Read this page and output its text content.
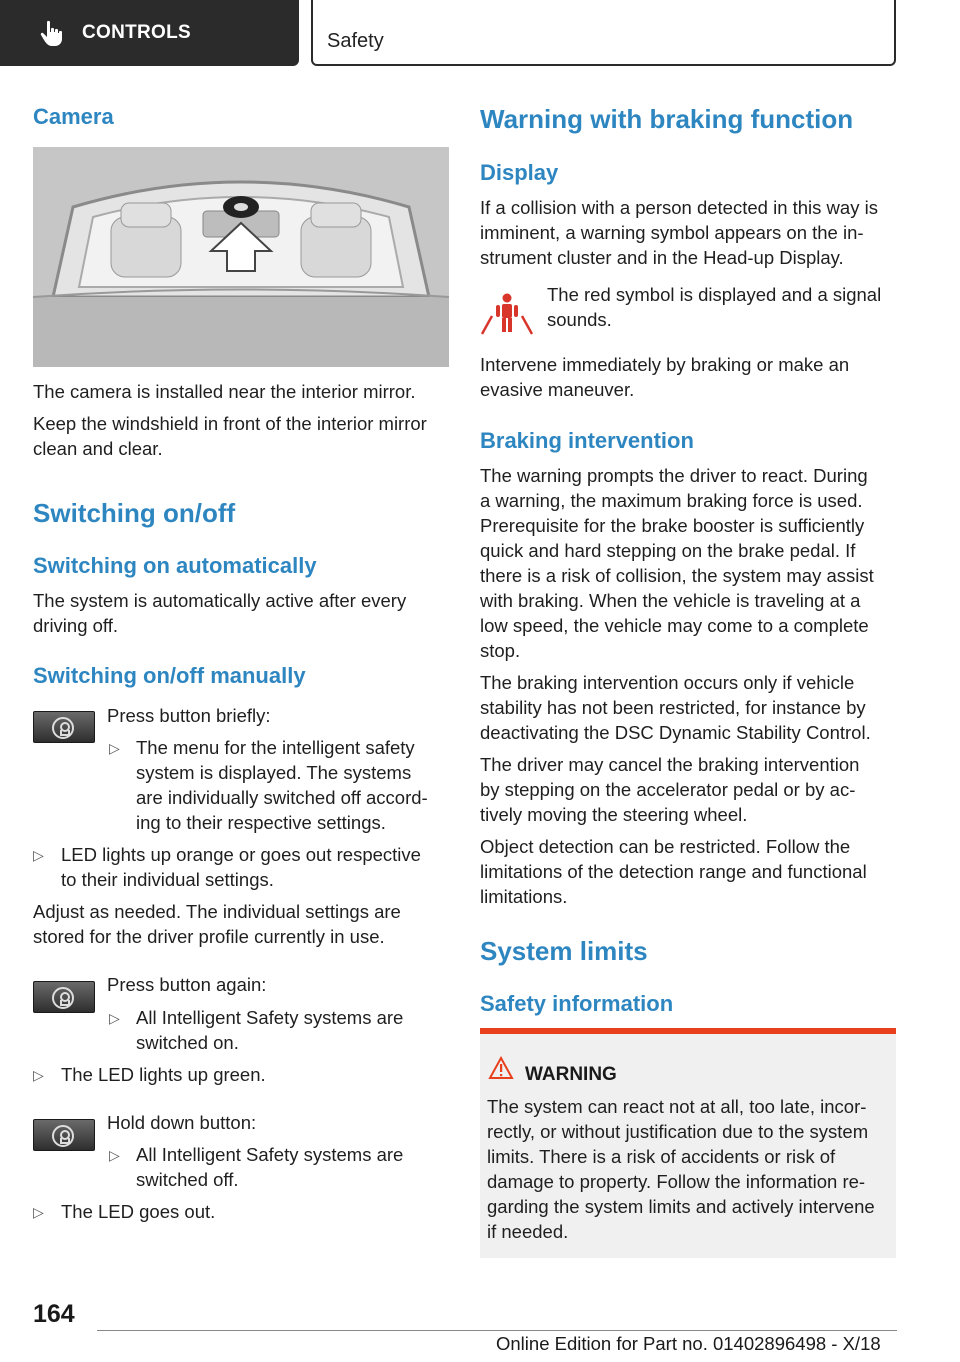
CONTROLS	Safety
Camera

The camera is installed near the interior mirror.

Keep the windshield in front of the interior mirror

clean and clear.

Switching on/off
Switching on automatically

The system is automatically active after every

driving off.

Switching on/off manually

Press button briefly:

▷ The menu for the intelligent safety

system is displayed. The systems

are individually switched off accord-

ing to their respective settings.

▷ LED lights up orange or goes out respective

to their individual settings.

Adjust as needed. The individual settings are

stored for the driver profile currently in use.

Press button again:

▷ All Intelligent Safety systems are

switched on.

▷ The LED lights up green.

Hold down button:

▷ All Intelligent Safety systems are

switched off.

▷ The LED goes out.

Warning with braking function
Display

If a collision with a person detected in this way is

imminent, a warning symbol appears on the in-

strument cluster and in the Head-up Display.

The red symbol is displayed and a signal

sounds.

Intervene immediately by braking or make an

evasive maneuver.

Braking intervention

The warning prompts the driver to react. During

a warning, the maximum braking force is used.

Prerequisite for the brake booster is sufficiently

quick and hard stepping on the brake pedal. If

there is a risk of collision, the system may assist

with braking. When the vehicle is traveling at a

low speed, the vehicle may come to a complete

stop.

The braking intervention occurs only if vehicle

stability has not been restricted, for instance by

deactivating the DSC Dynamic Stability Control.

The driver may cancel the braking intervention

by stepping on the accelerator pedal or by ac-

tively moving the steering wheel.

Object detection can be restricted. Follow the

limitations of the detection range and functional

limitations.

System limits
Safety information
WARNING

The system can react not at all, too late, incor-

rectly, or without justification due to the system

limits. There is a risk of accidents or risk of

damage to property. Follow the information re-

garding the system limits and actively intervene

if needed.

164
Online Edition for Part no. 01402896498 - X/18
